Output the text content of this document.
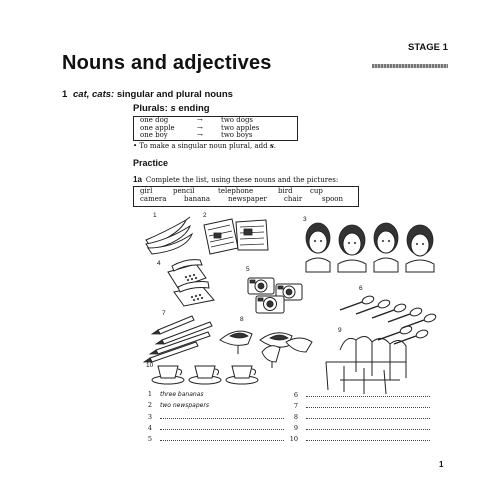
Nouns and adjectives
STAGE 1
1 cat, cats: singular and plural nouns
Plurals: s ending
one dog	→	two dogs
one apple	→	two apples
one boy	→	two boys
• To make a singular noun plural, add s.
Practice
1a Complete the list, using these nouns and the pictures:
girl	pencil	telephone	bird	cup
camera	banana	newspaper	chair	spoon
1	2
3
4
5
6
7
8
9
10
1 three bananas
2 two newspapers
3
4
5
6
7
8
9
10
1
